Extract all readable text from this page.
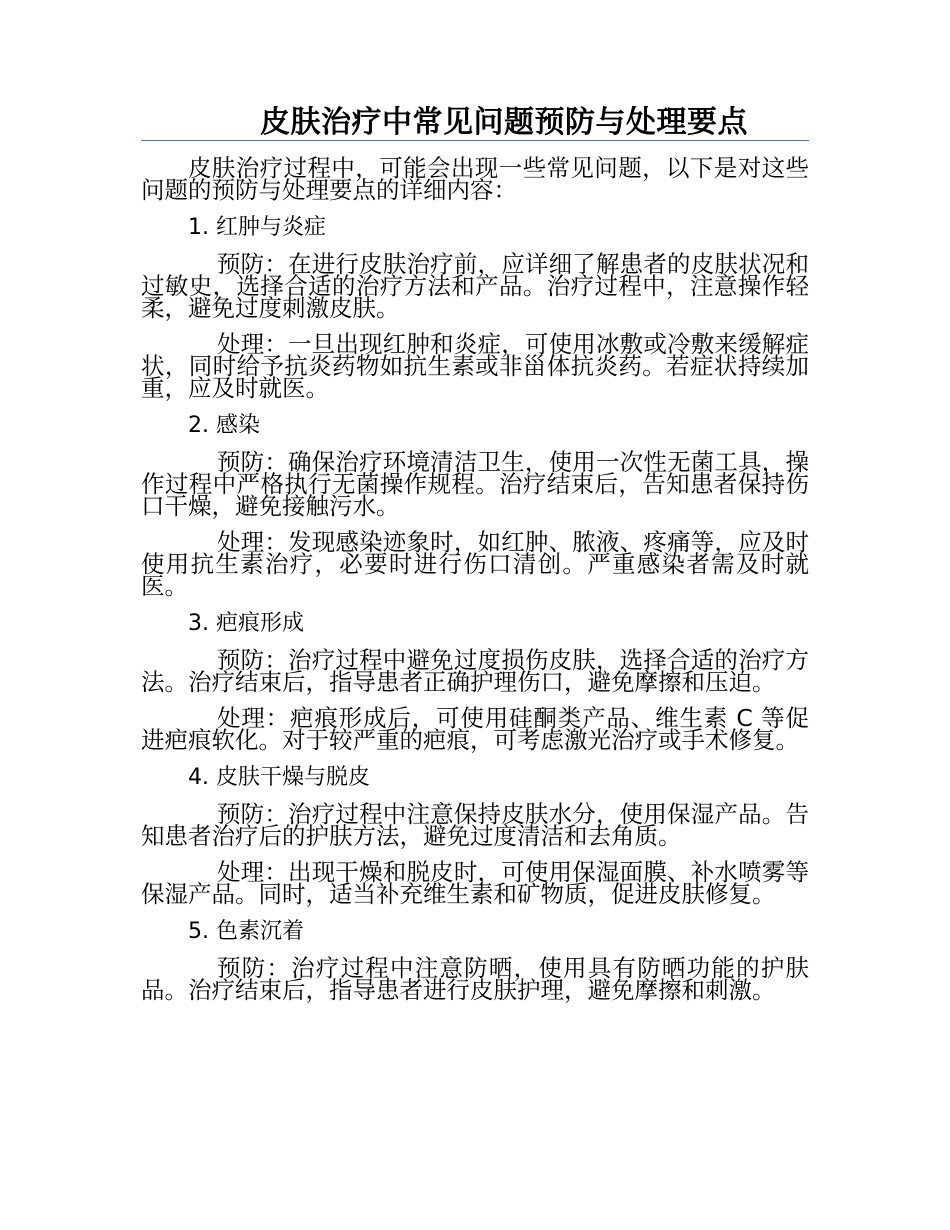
皮肤治疗中常见问题预防与处理要点

皮肤治疗过程中，可能会出现一些常见问题，以下是对这些问题的预防与处理要点的详细内容：

1. 红肿与炎症

预防：在进行皮肤治疗前，应详细了解患者的皮肤状况和过敏史，选择合适的治疗方法和产品。治疗过程中，注意操作轻柔，避免过度刺激皮肤。

处理：一旦出现红肿和炎症，可使用冰敷或冷敷来缓解症状，同时给予抗炎药物如抗生素或非甾体抗炎药。若症状持续加重，应及时就医。

2. 感染

预防：确保治疗环境清洁卫生，使用一次性无菌工具，操作过程中严格执行无菌操作规程。治疗结束后，告知患者保持伤口干燥，避免接触污水。

处理：发现感染迹象时，如红肿、脓液、疼痛等，应及时使用抗生素治疗，必要时进行伤口清创。严重感染者需及时就医。

3. 疤痕形成

预防：治疗过程中避免过度损伤皮肤，选择合适的治疗方法。治疗结束后，指导患者正确护理伤口，避免摩擦和压迫。

处理：疤痕形成后，可使用硅酮类产品、维生素 C 等促进疤痕软化。对于较严重的疤痕，可考虑激光治疗或手术修复。

4. 皮肤干燥与脱皮

预防：治疗过程中注意保持皮肤水分，使用保湿产品。告知患者治疗后的护肤方法，避免过度清洁和去角质。

处理：出现干燥和脱皮时，可使用保湿面膜、补水喷雾等保湿产品。同时，适当补充维生素和矿物质，促进皮肤修复。

5. 色素沉着

预防：治疗过程中注意防晒，使用具有防晒功能的护肤品。治疗结束后，指导患者进行皮肤护理，避免摩擦和刺激。
